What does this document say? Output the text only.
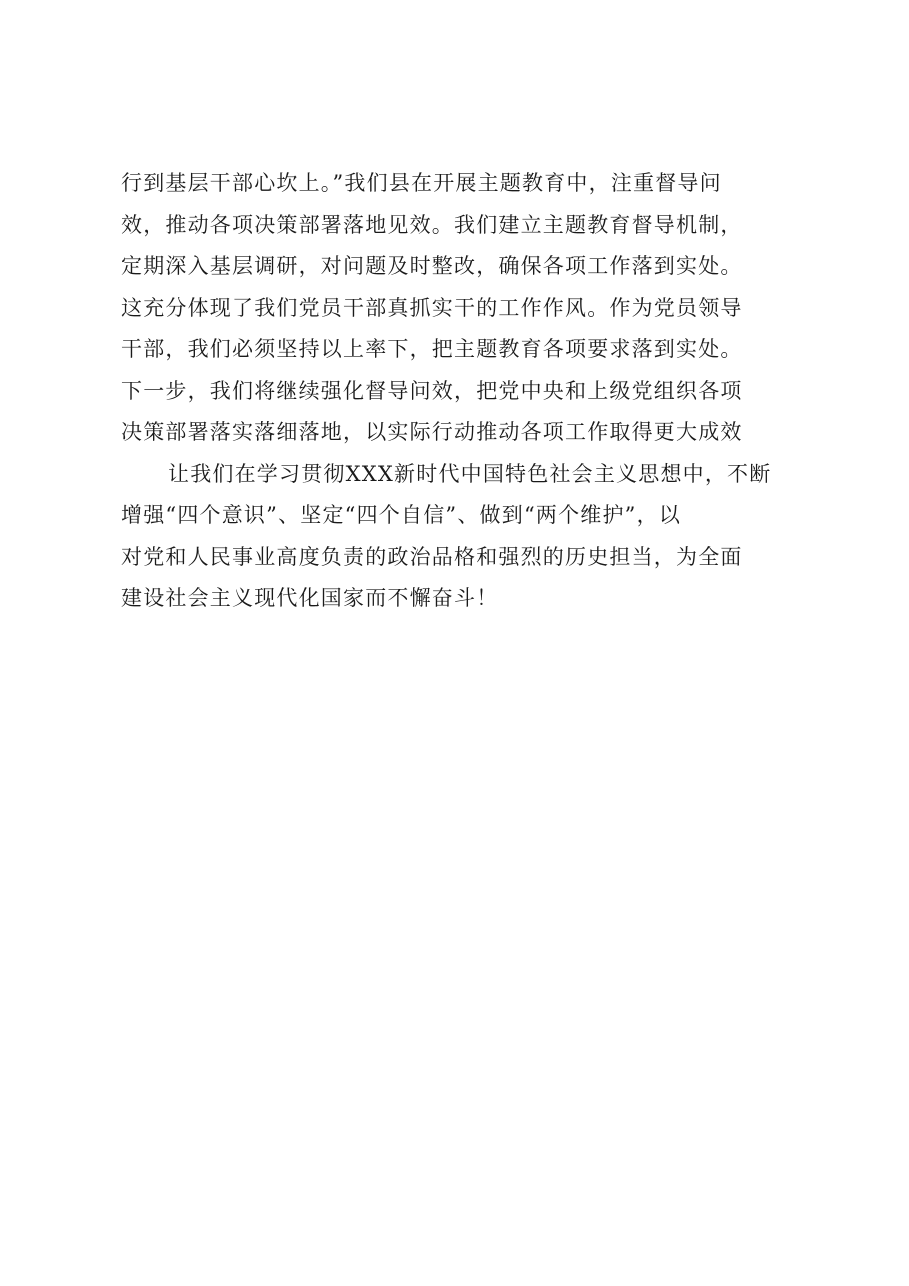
行到基层干部心坎上。”我们县在开展主题教育中，注重督导问
效，推动各项决策部署落地见效。我们建立主题教育督导机制，
定期深入基层调研，对问题及时整改，确保各项工作落到实处。
这充分体现了我们党员干部真抓实干的工作作风。作为党员领导
干部，我们必须坚持以上率下，把主题教育各项要求落到实处。
下一步，我们将继续强化督导问效，把党中央和上级党组织各项
决策部署落实落细落地，以实际行动推动各项工作取得更大成效
让我们在学习贯彻XXX新时代中国特色社会主义思想中，不断
增强“四个意识”、坚定“四个自信”、做到“两个维护”，以
对党和人民事业高度负责的政治品格和强烈的历史担当，为全面
建设社会主义现代化国家而不懈奋斗！
